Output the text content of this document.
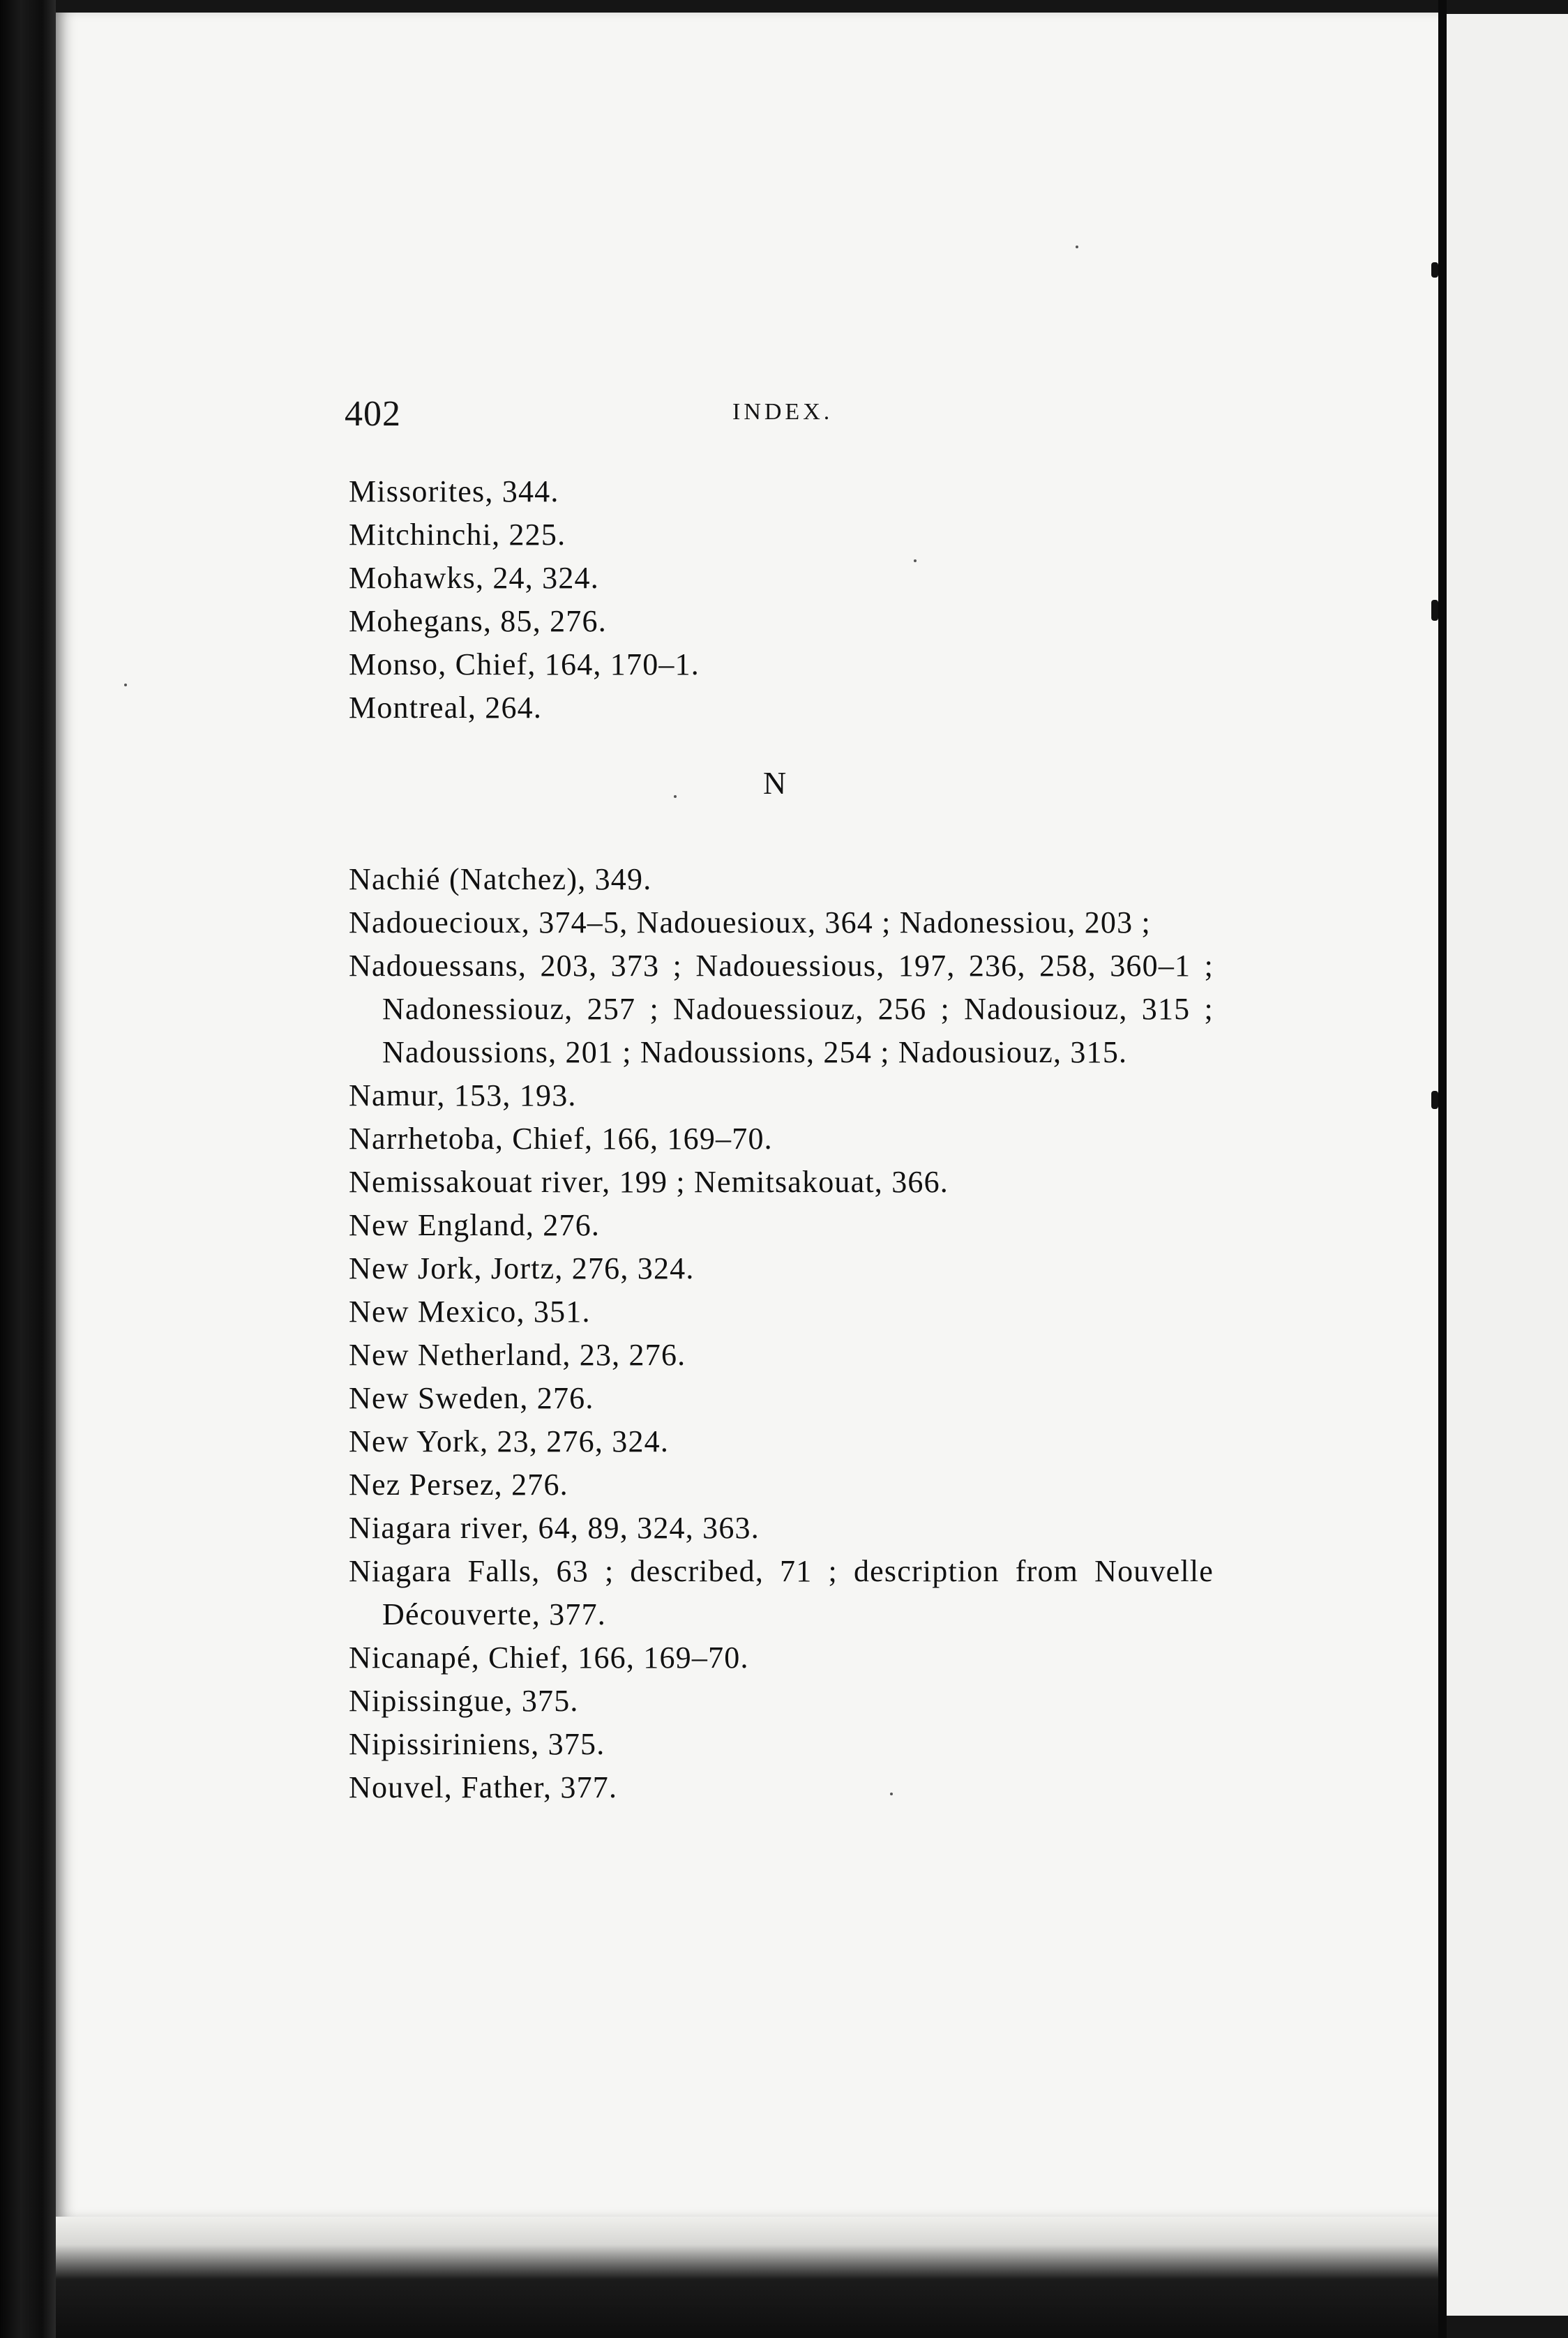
402	INDEX.
Missorites, 344.
Mitchinchi, 225.
Mohawks, 24, 324.
Mohegans, 85, 276.
Monso, Chief, 164, 170–1.
Montreal, 264.
N
Nachié (Natchez), 349.
Nadouecioux, 374–5, Nadouesioux, 364 ; Nadonessiou, 203 ;
Nadouessans, 203, 373 ; Nadouessious, 197, 236, 258, 360–1 ; Nadonessiouz, 257 ; Nadouessiouz, 256 ; Nadousiouz, 315 ; Nadoussions, 201 ; Nadoussions, 254 ; Nadousiouz, 315.
Namur, 153, 193.
Narrhetoba, Chief, 166, 169–70.
Nemissakouat river, 199 ; Nemitsakouat, 366.
New England, 276.
New Jork, Jortz, 276, 324.
New Mexico, 351.
New Netherland, 23, 276.
New Sweden, 276.
New York, 23, 276, 324.
Nez Persez, 276.
Niagara river, 64, 89, 324, 363.
Niagara Falls, 63 ; described, 71 ; description from Nouvelle Découverte, 377.
Nicanapé, Chief, 166, 169–70.
Nipissingue, 375.
Nipissiriniens, 375.
Nouvel, Father, 377.
